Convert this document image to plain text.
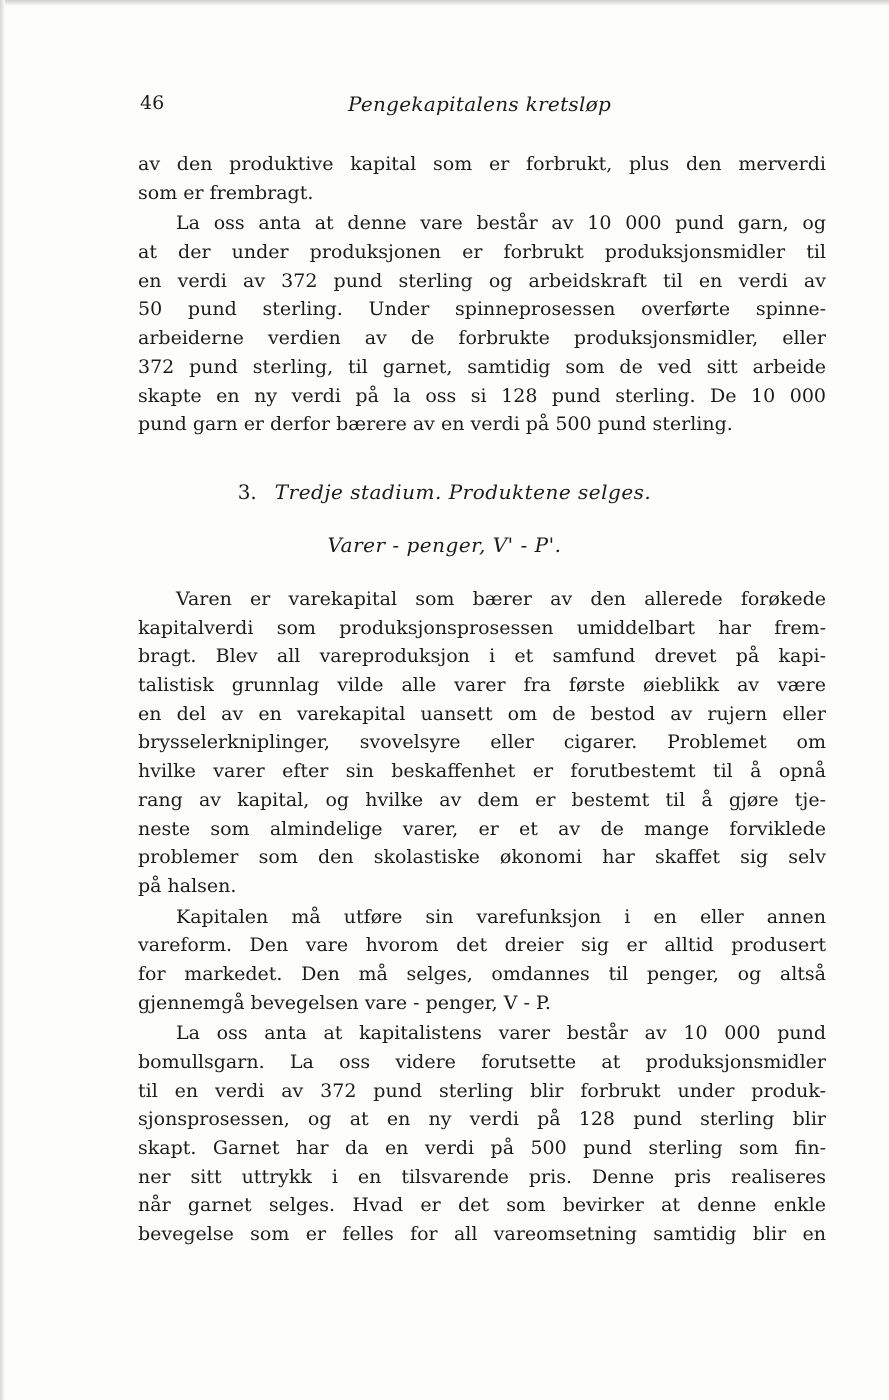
46	Pengekapitalens kretsløp
av den produktive kapital som er forbrukt, plus den merverdi
som er frembragt.
La oss anta at denne vare består av 10 000 pund garn, og
at der under produksjonen er forbrukt produksjonsmidler til
en verdi av 372 pund sterling og arbeidskraft til en verdi av
50 pund sterling. Under spinneprosessen overførte spinne-
arbeiderne verdien av de forbrukte produksjonsmidler, eller
372 pund sterling, til garnet, samtidig som de ved sitt arbeide
skapte en ny verdi på la oss si 128 pund sterling. De 10 000
pund garn er derfor bærere av en verdi på 500 pund sterling.
3. Tredje stadium. Produktene selges.
Varer - penger, V' - P'.
Varen er varekapital som bærer av den allerede forøkede
kapitalverdi som produksjonsprosessen umiddelbart har frem-
bragt. Blev all vareproduksjon i et samfund drevet på kapi-
talistisk grunnlag vilde alle varer fra første øieblikk av være
en del av en varekapital uansett om de bestod av rujern eller
brysselerkniplinger, svovelsyre eller cigarer. Problemet om
hvilke varer efter sin beskaffenhet er forutbestemt til å opnå
rang av kapital, og hvilke av dem er bestemt til å gjøre tje-
neste som almindelige varer, er et av de mange forviklede
problemer som den skolastiske økonomi har skaffet sig selv
på halsen.
Kapitalen må utføre sin varefunksjon i en eller annen
vareform. Den vare hvorom det dreier sig er alltid produsert
for markedet. Den må selges, omdannes til penger, og altså
gjennemgå bevegelsen vare - penger, V - P.
La oss anta at kapitalistens varer består av 10 000 pund
bomullsgarn. La oss videre forutsette at produksjonsmidler
til en verdi av 372 pund sterling blir forbrukt under produk-
sjonsprosessen, og at en ny verdi på 128 pund sterling blir
skapt. Garnet har da en verdi på 500 pund sterling som fin-
ner sitt uttrykk i en tilsvarende pris. Denne pris realiseres
når garnet selges. Hvad er det som bevirker at denne enkle
bevegelse som er felles for all vareomsetning samtidig blir en
